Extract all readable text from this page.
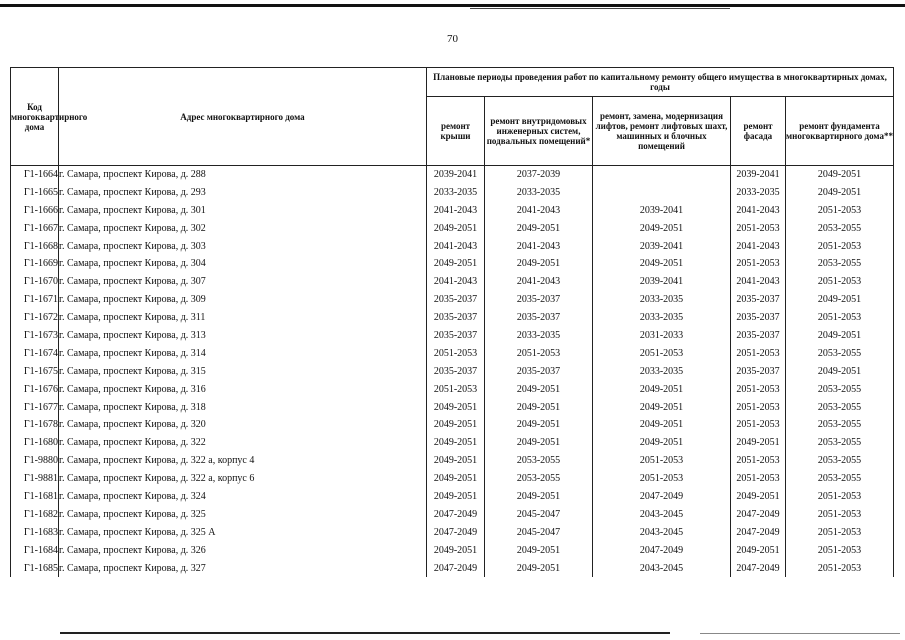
70
Код многоквартирного дома	Адрес многоквартирного дома	Плановые периоды проведения работ по капитальному ремонту общего имущества в многоквартирных домах, годы				
		ремонт крыши	ремонт внутридомовых инженерных систем, подвальных помещений*	ремонт, замена, модернизация лифтов, ремонт лифтовых шахт, машинных и блочных помещений	ремонт фасада	ремонт фундамента многоквартирного дома**
Г1-1664	г. Самара, проспект Кирова, д. 288	2039-2041	2037-2039		2039-2041	2049-2051
Г1-1665	г. Самара, проспект Кирова, д. 293	2033-2035	2033-2035		2033-2035	2049-2051
Г1-1666	г. Самара, проспект Кирова, д. 301	2041-2043	2041-2043	2039-2041	2041-2043	2051-2053
Г1-1667	г. Самара, проспект Кирова, д. 302	2049-2051	2049-2051	2049-2051	2051-2053	2053-2055
Г1-1668	г. Самара, проспект Кирова, д. 303	2041-2043	2041-2043	2039-2041	2041-2043	2051-2053
Г1-1669	г. Самара, проспект Кирова, д. 304	2049-2051	2049-2051	2049-2051	2051-2053	2053-2055
Г1-1670	г. Самара, проспект Кирова, д. 307	2041-2043	2041-2043	2039-2041	2041-2043	2051-2053
Г1-1671	г. Самара, проспект Кирова, д. 309	2035-2037	2035-2037	2033-2035	2035-2037	2049-2051
Г1-1672	г. Самара, проспект Кирова, д. 311	2035-2037	2035-2037	2033-2035	2035-2037	2051-2053
Г1-1673	г. Самара, проспект Кирова, д. 313	2035-2037	2033-2035	2031-2033	2035-2037	2049-2051
Г1-1674	г. Самара, проспект Кирова, д. 314	2051-2053	2051-2053	2051-2053	2051-2053	2053-2055
Г1-1675	г. Самара, проспект Кирова, д. 315	2035-2037	2035-2037	2033-2035	2035-2037	2049-2051
Г1-1676	г. Самара, проспект Кирова, д. 316	2051-2053	2049-2051	2049-2051	2051-2053	2053-2055
Г1-1677	г. Самара, проспект Кирова, д. 318	2049-2051	2049-2051	2049-2051	2051-2053	2053-2055
Г1-1678	г. Самара, проспект Кирова, д. 320	2049-2051	2049-2051	2049-2051	2051-2053	2053-2055
Г1-1680	г. Самара, проспект Кирова, д. 322	2049-2051	2049-2051	2049-2051	2049-2051	2053-2055
Г1-9880	г. Самара, проспект Кирова, д. 322 а, корпус 4	2049-2051	2053-2055	2051-2053	2051-2053	2053-2055
Г1-9881	г. Самара, проспект Кирова, д. 322 а, корпус 6	2049-2051	2053-2055	2051-2053	2051-2053	2053-2055
Г1-1681	г. Самара, проспект Кирова, д. 324	2049-2051	2049-2051	2047-2049	2049-2051	2051-2053
Г1-1682	г. Самара, проспект Кирова, д. 325	2047-2049	2045-2047	2043-2045	2047-2049	2051-2053
Г1-1683	г. Самара, проспект Кирова, д. 325 А	2047-2049	2045-2047	2043-2045	2047-2049	2051-2053
Г1-1684	г. Самара, проспект Кирова, д. 326	2049-2051	2049-2051	2047-2049	2049-2051	2051-2053
Г1-1685	г. Самара, проспект Кирова, д. 327	2047-2049	2049-2051	2043-2045	2047-2049	2051-2053
